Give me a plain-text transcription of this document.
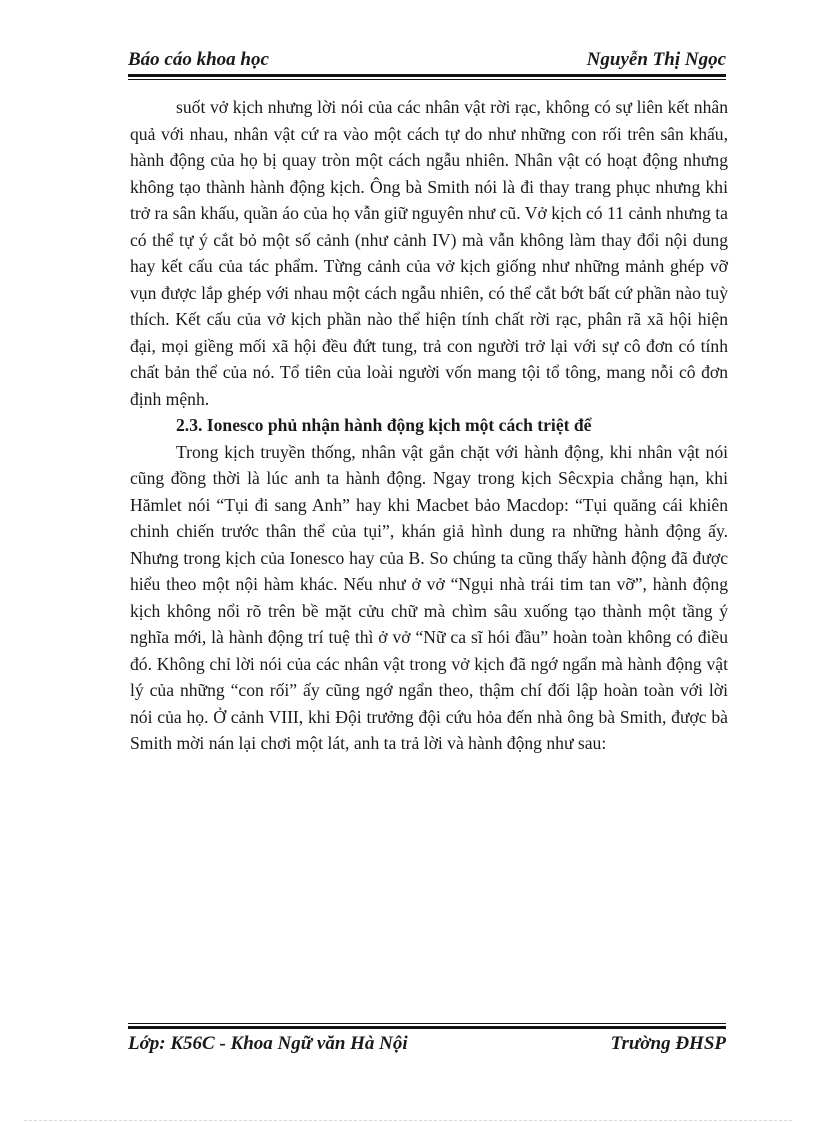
Báo cáo khoa học	Nguyễn Thị Ngọc

suốt vở kịch nhưng lời nói của các nhân vật rời rạc, không có sự liên kết nhân quả với nhau, nhân vật cứ ra vào một cách tự do như những con rối trên sân khấu, hành động của họ bị quay tròn một cách ngẫu nhiên. Nhân vật có hoạt động nhưng không tạo thành hành động kịch. Ông bà Smith nói là đi thay trang phục nhưng khi trở ra sân khấu, quần áo của họ vẫn giữ nguyên như cũ. Vở kịch có 11 cảnh nhưng ta có thể tự ý cắt bỏ một số cảnh (như cảnh IV) mà vẫn không làm thay đổi nội dung hay kết cấu của tác phẩm. Từng cảnh của vở kịch giống như những mảnh ghép vỡ vụn được lắp ghép với nhau một cách ngẫu nhiên, có thể cắt bớt bất cứ phần nào tuỳ thích. Kết cấu của vở kịch phần nào thể hiện tính chất rời rạc, phân rã xã hội hiện đại, mọi giềng mối xã hội đều đứt tung, trả con người trở lại với sự cô đơn có tính chất bản thể của nó. Tổ tiên của loài người vốn mang tội tổ tông, mang nỗi cô đơn định mệnh.

2.3. Ionesco phủ nhận hành động kịch một cách triệt để

Trong kịch truyền thống, nhân vật gắn chặt với hành động, khi nhân vật nói cũng đồng thời là lúc anh ta hành động. Ngay trong kịch Sêcxpia chẳng hạn, khi Hămlet nói “Tụi đi sang Anh” hay khi Macbet bảo Macdop: “Tụi quăng cái khiên chinh chiến trước thân thể của tụi”, khán giả hình dung ra những hành động ấy. Nhưng trong kịch của Ionesco hay của B. So chúng ta cũng thấy hành động đã được hiểu theo một nội hàm khác. Nếu như ở vở “Ngụi nhà trái tim tan vỡ”, hành động kịch không nổi rõ trên bề mặt cửu chữ mà chìm sâu xuống tạo thành một tầng ý nghĩa mới, là hành động trí tuệ thì ở vở “Nữ ca sĩ hói đầu” hoàn toàn không có điều đó. Không chỉ lời nói của các nhân vật trong vở kịch đã ngớ ngẩn mà hành động vật lý của những “con rối” ấy cũng ngớ ngẩn theo, thậm chí đối lập hoàn toàn với lời nói của họ. Ở cảnh VIII, khi Đội trưởng đội cứu hỏa đến nhà ông bà Smith, được bà Smith mời nán lại chơi một lát, anh ta trả lời và hành động như sau:

Lớp: K56C - Khoa Ngữ văn Hà Nội	Trường ĐHSP
